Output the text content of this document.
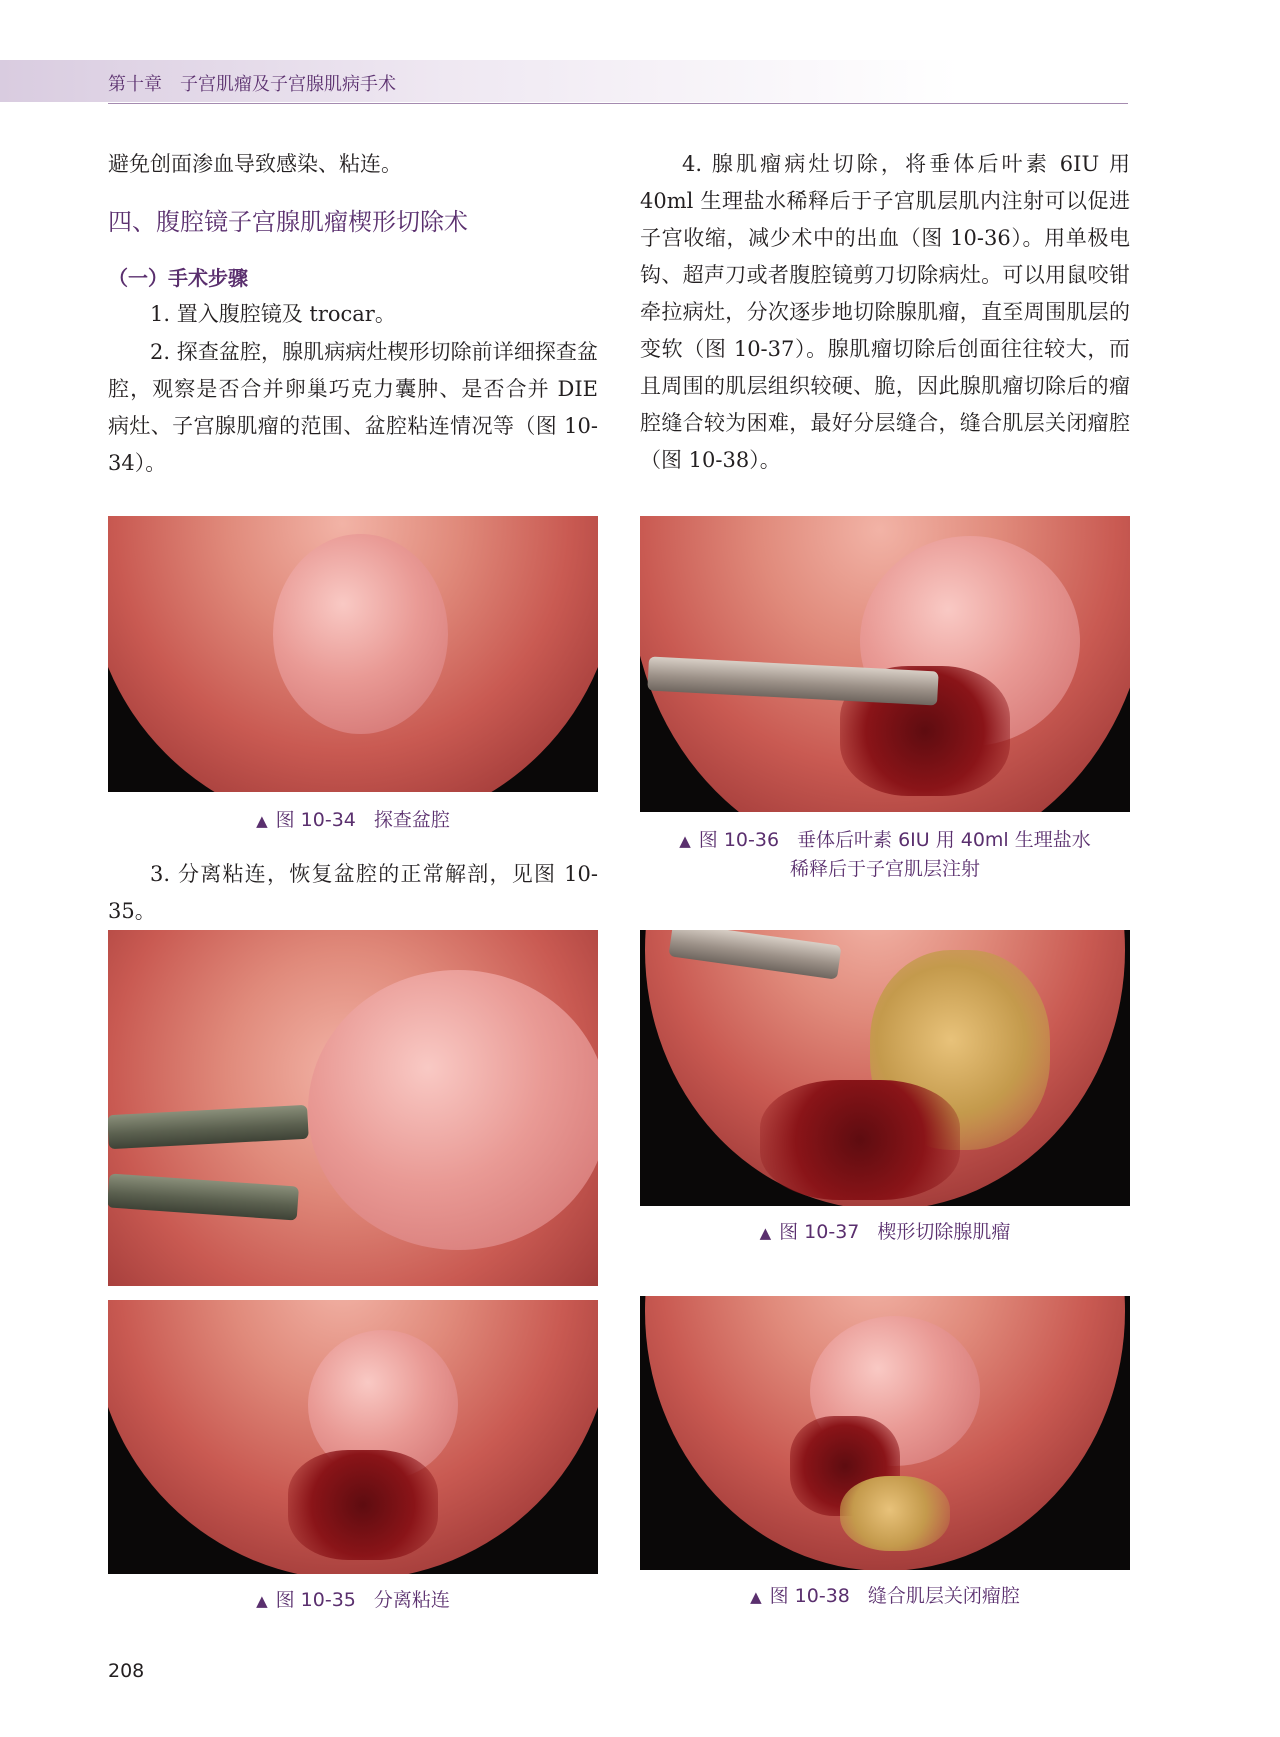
第十章　子宫肌瘤及子宫腺肌病手术

避免创面渗血导致感染、粘连。

四、腹腔镜子宫腺肌瘤楔形切除术
（一）手术步骤

1. 置入腹腔镜及 trocar。

2. 探查盆腔，腺肌病病灶楔形切除前详细探查盆腔，观察是否合并卵巢巧克力囊肿、是否合并 DIE 病灶、子宫腺肌瘤的范围、盆腔粘连情况等（图 10-34）。

4. 腺肌瘤病灶切除，将垂体后叶素 6IU 用 40ml 生理盐水稀释后于子宫肌层肌内注射可以促进子宫收缩，减少术中的出血（图 10-36）。用单极电钩、超声刀或者腹腔镜剪刀切除病灶。可以用鼠咬钳牵拉病灶，分次逐步地切除腺肌瘤，直至周围肌层的变软（图 10-37）。腺肌瘤切除后创面往往较大，而且周围的肌层组织较硬、脆，因此腺肌瘤切除后的瘤腔缝合较为困难，最好分层缝合，缝合肌层关闭瘤腔（图 10-38）。

▲ 图 10-34 探查盆腔

3. 分离粘连，恢复盆腔的正常解剖，见图 10-35。

▲ 图 10-36 垂体后叶素 6IU 用 40ml 生理盐水
稀释后于子宫肌层注射
▲ 图 10-35 分离粘连
▲ 图 10-37 楔形切除腺肌瘤
▲ 图 10-38 缝合肌层关闭瘤腔
208
